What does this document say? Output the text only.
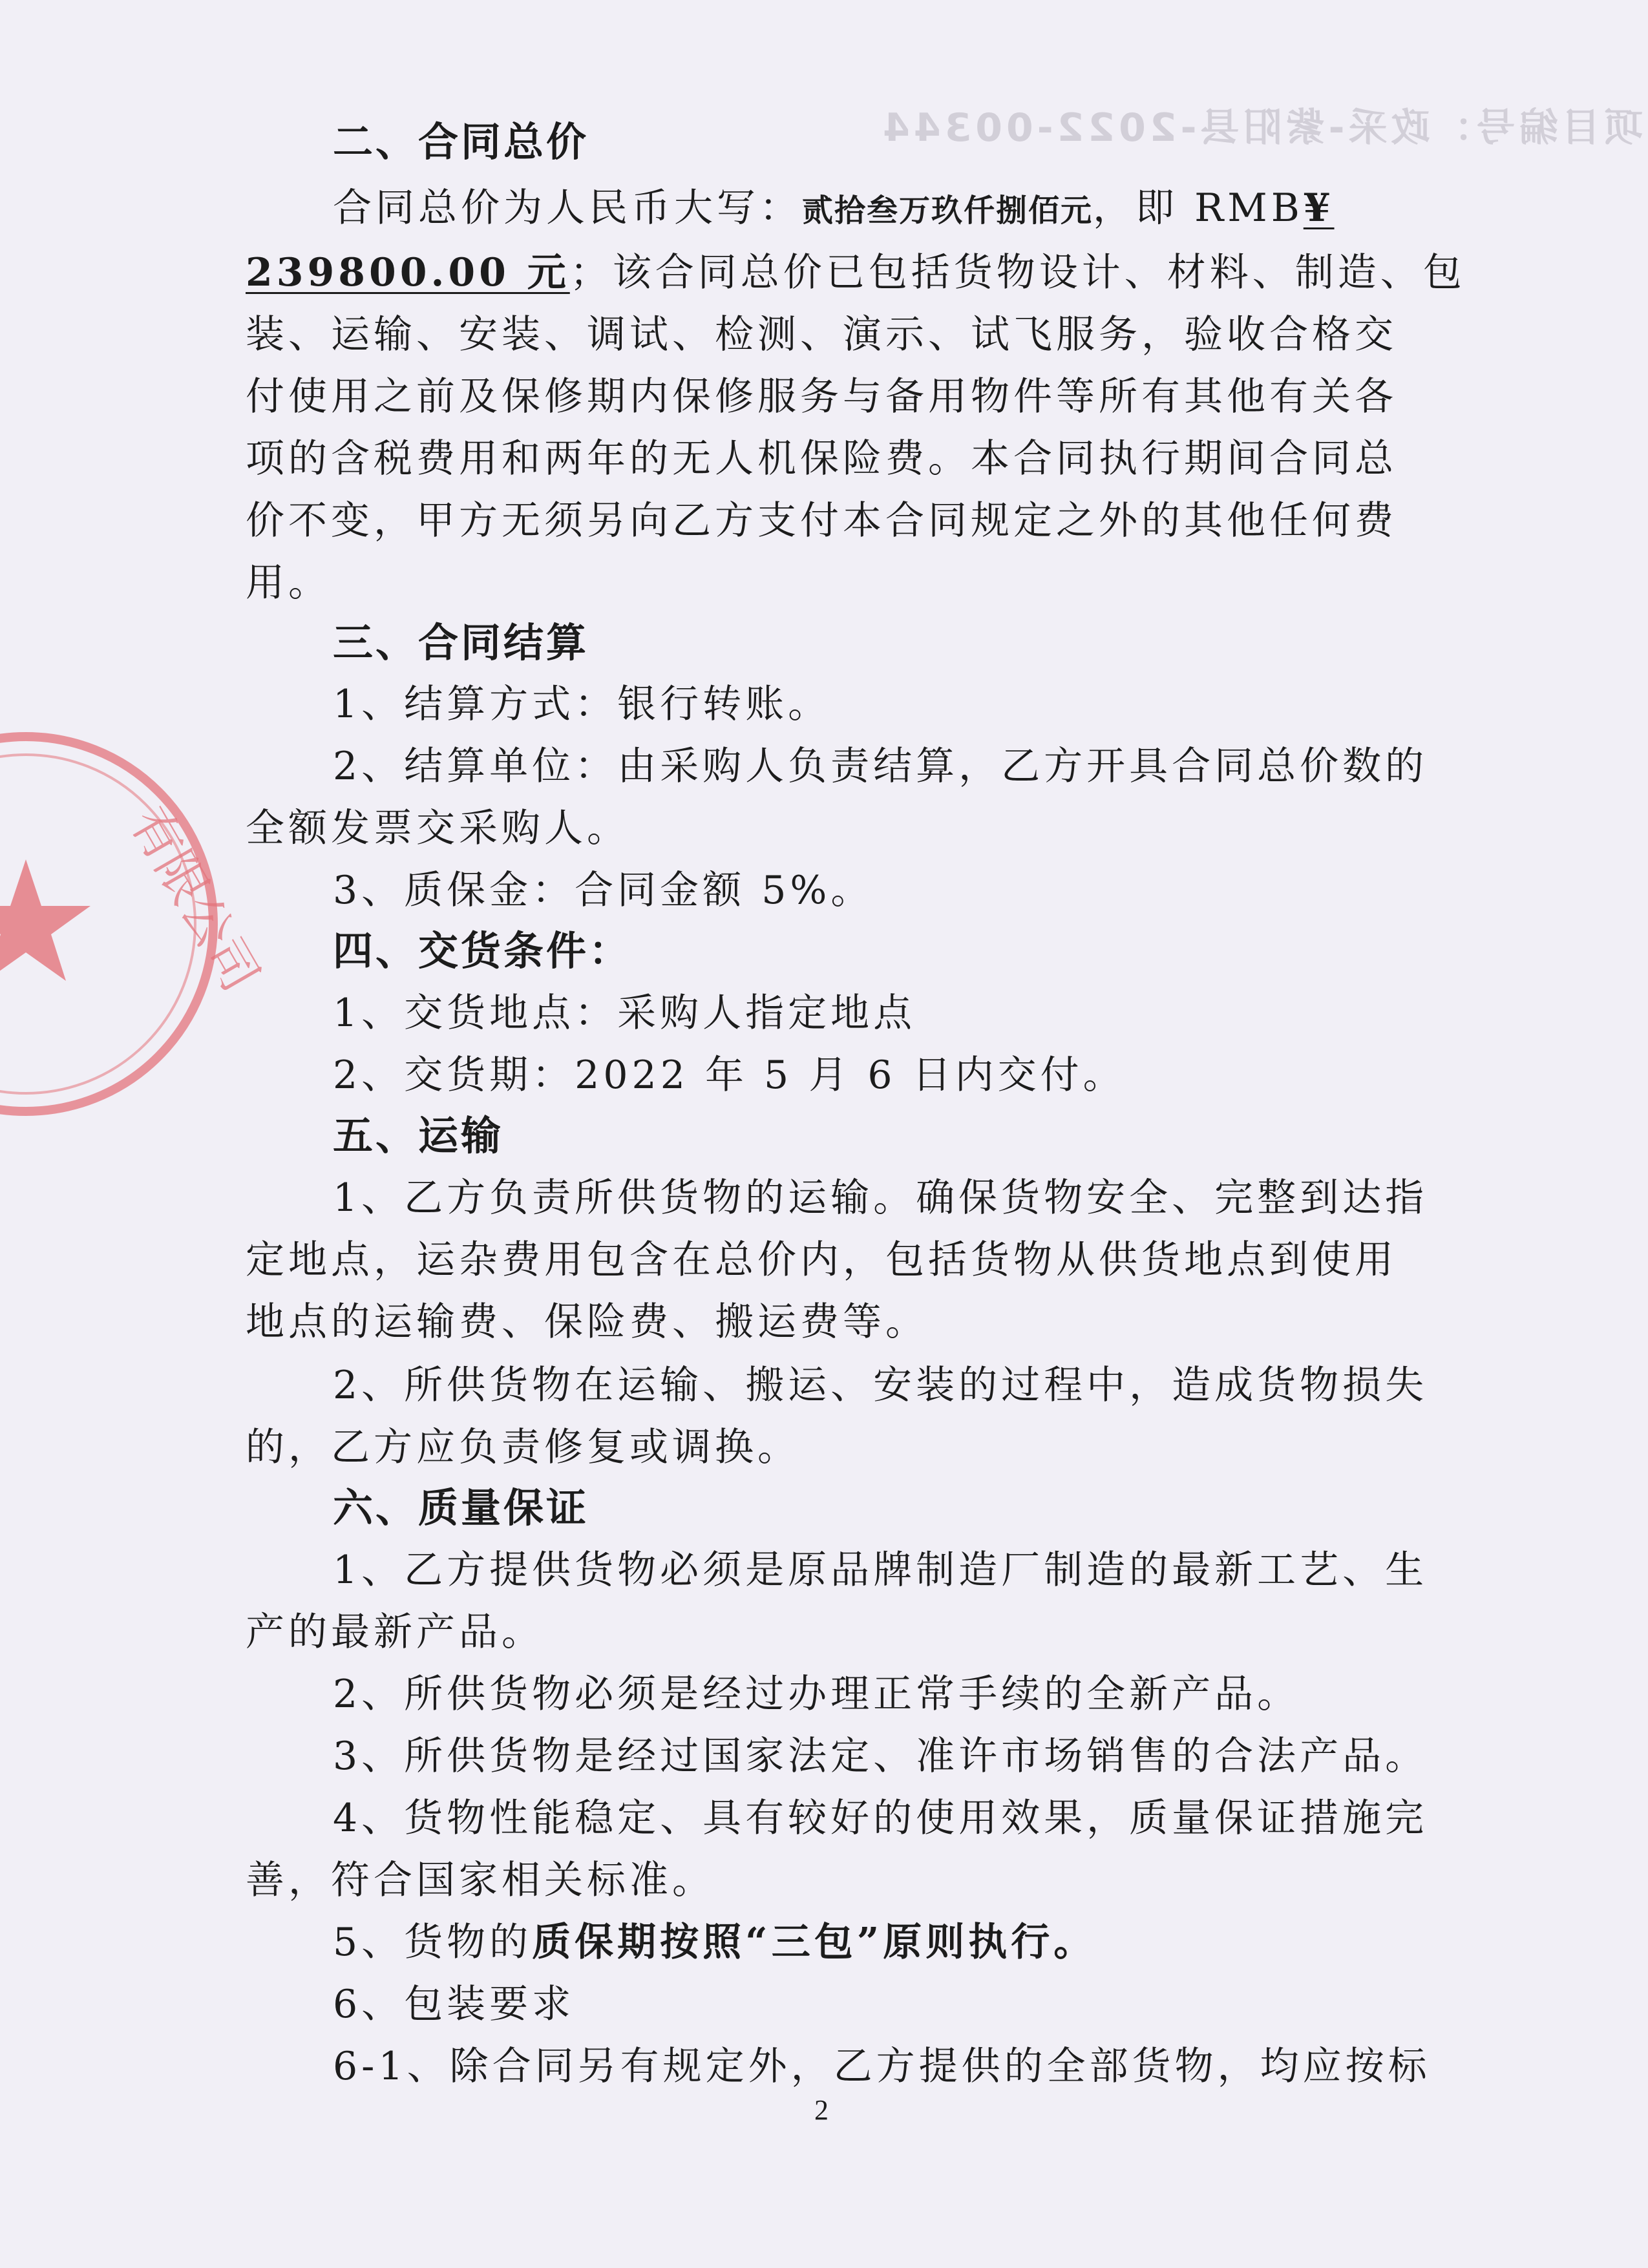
项目编号：政采-紫阳县-2022-00344
有限公司
二、合同总价
合同总价为人民币大写：贰拾叁万玖仟捌佰元，即 RMB¥
239800.00 元；该合同总价已包括货物设计、材料、制造、包
装、运输、安装、调试、检测、演示、试飞服务，验收合格交
付使用之前及保修期内保修服务与备用物件等所有其他有关各
项的含税费用和两年的无人机保险费。本合同执行期间合同总
价不变，甲方无须另向乙方支付本合同规定之外的其他任何费
用。
三、合同结算
1、结算方式：银行转账。
2、结算单位：由采购人负责结算，乙方开具合同总价数的
全额发票交采购人。
3、质保金：合同金额 5%。
四、交货条件：
1、交货地点：采购人指定地点
2、交货期：2022 年 5 月 6 日内交付。
五、运输
1、乙方负责所供货物的运输。确保货物安全、完整到达指
定地点，运杂费用包含在总价内，包括货物从供货地点到使用
地点的运输费、保险费、搬运费等。
2、所供货物在运输、搬运、安装的过程中，造成货物损失
的，乙方应负责修复或调换。
六、质量保证
1、乙方提供货物必须是原品牌制造厂制造的最新工艺、生
产的最新产品。
2、所供货物必须是经过办理正常手续的全新产品。
3、所供货物是经过国家法定、准许市场销售的合法产品。
4、货物性能稳定、具有较好的使用效果，质量保证措施完
善，符合国家相关标准。
5、货物的质保期按照“三包”原则执行。
6、包装要求
6-1、除合同另有规定外，乙方提供的全部货物，均应按标
2
